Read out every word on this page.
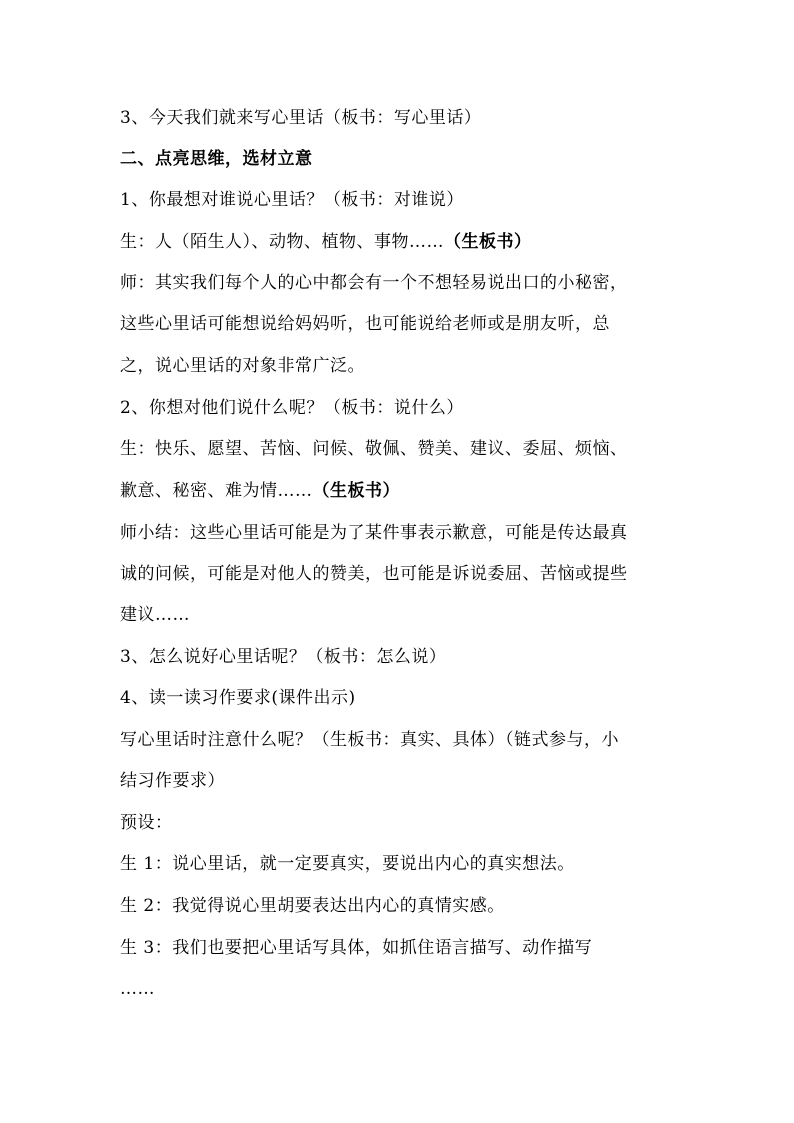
3、今天我们就来写心里话（板书：写心里话）
二、点亮思维，选材立意
1、你最想对谁说心里话？（板书：对谁说）
生：人（陌生人）、动物、植物、事物……（生板书）
师：其实我们每个人的心中都会有一个不想轻易说出口的小秘密，
这些心里话可能想说给妈妈听，也可能说给老师或是朋友听，总
之，说心里话的对象非常广泛。
2、你想对他们说什么呢？（板书：说什么）
生：快乐、愿望、苦恼、问候、敬佩、赞美、建议、委屈、烦恼、
歉意、秘密、难为情……（生板书）
师小结：这些心里话可能是为了某件事表示歉意，可能是传达最真
诚的问候，可能是对他人的赞美，也可能是诉说委屈、苦恼或提些
建议……
3、怎么说好心里话呢？（板书：怎么说）
4、读一读习作要求(课件出示)
写心里话时注意什么呢？（生板书：真实、具体）（链式参与，小
结习作要求）
预设：
生 1：说心里话，就一定要真实，要说出内心的真实想法。
生 2：我觉得说心里胡要表达出内心的真情实感。
生 3：我们也要把心里话写具体，如抓住语言描写、动作描写
……
